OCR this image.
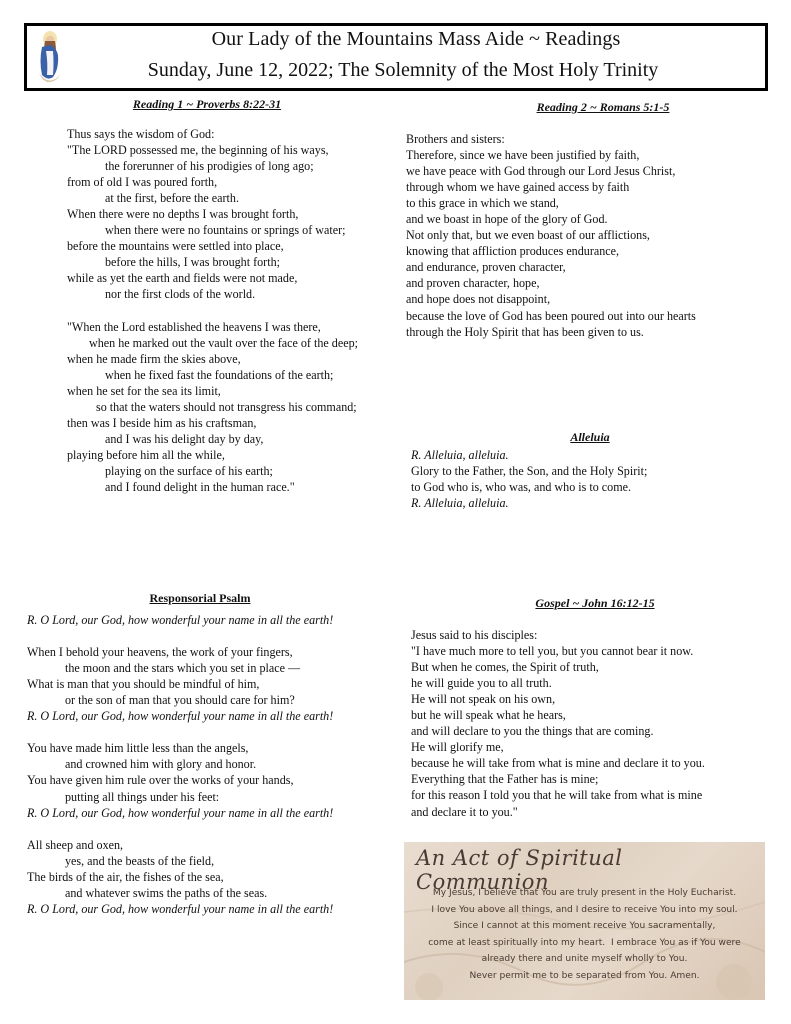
Our Lady of the Mountains Mass Aide ~ Readings
Sunday, June 12, 2022; The Solemnity of the Most Holy Trinity
Reading 1 ~ Proverbs 8:22-31
Thus says the wisdom of God:
"The LORD possessed me, the beginning of his ways,
the forerunner of his prodigies of long ago;
from of old I was poured forth,
at the first, before the earth.
When there were no depths I was brought forth,
when there were no fountains or springs of water;
before the mountains were settled into place,
before the hills, I was brought forth;
while as yet the earth and fields were not made,
nor the first clods of the world.
"When the Lord established the heavens I was there,
when he marked out the vault over the face of the deep;
when he made firm the skies above,
when he fixed fast the foundations of the earth;
when he set for the sea its limit,
so that the waters should not transgress his command;
then was I beside him as his craftsman,
and I was his delight day by day,
playing before him all the while,
playing on the surface of his earth;
and I found delight in the human race."
Reading 2 ~ Romans 5:1-5
Brothers and sisters:
Therefore, since we have been justified by faith,
we have peace with God through our Lord Jesus Christ,
through whom we have gained access by faith
to this grace in which we stand,
and we boast in hope of the glory of God.
Not only that, but we even boast of our afflictions,
knowing that affliction produces endurance,
and endurance, proven character,
and proven character, hope,
and hope does not disappoint,
because the love of God has been poured out into our hearts
through the Holy Spirit that has been given to us.
Alleluia
R. Alleluia, alleluia.
Glory to the Father, the Son, and the Holy Spirit;
to God who is, who was, and who is to come.
R. Alleluia, alleluia.
Responsorial Psalm
R. O Lord, our God, how wonderful your name in all the earth!
When I behold your heavens, the work of your fingers,
the moon and the stars which you set in place —
What is man that you should be mindful of him,
or the son of man that you should care for him?
R. O Lord, our God, how wonderful your name in all the earth!
You have made him little less than the angels,
and crowned him with glory and honor.
You have given him rule over the works of your hands,
putting all things under his feet:
R. O Lord, our God, how wonderful your name in all the earth!
All sheep and oxen,
yes, and the beasts of the field,
The birds of the air, the fishes of the sea,
and whatever swims the paths of the seas.
R. O Lord, our God, how wonderful your name in all the earth!
Gospel ~ John 16:12-15
Jesus said to his disciples:
"I have much more to tell you, but you cannot bear it now.
But when he comes, the Spirit of truth,
he will guide you to all truth.
He will not speak on his own,
but he will speak what he hears,
and will declare to you the things that are coming.
He will glorify me,
because he will take from what is mine and declare it to you.
Everything that the Father has is mine;
for this reason I told you that he will take from what is mine
and declare it to you."
An Act of Spiritual Communion
My Jesus, I believe that You are truly present in the Holy Eucharist.
I love You above all things, and I desire to receive You into my soul.
Since I cannot at this moment receive You sacramentally,
come at least spiritually into my heart.  I embrace You as if You were
already there and unite myself wholly to You.
Never permit me to be separated from You. Amen.
